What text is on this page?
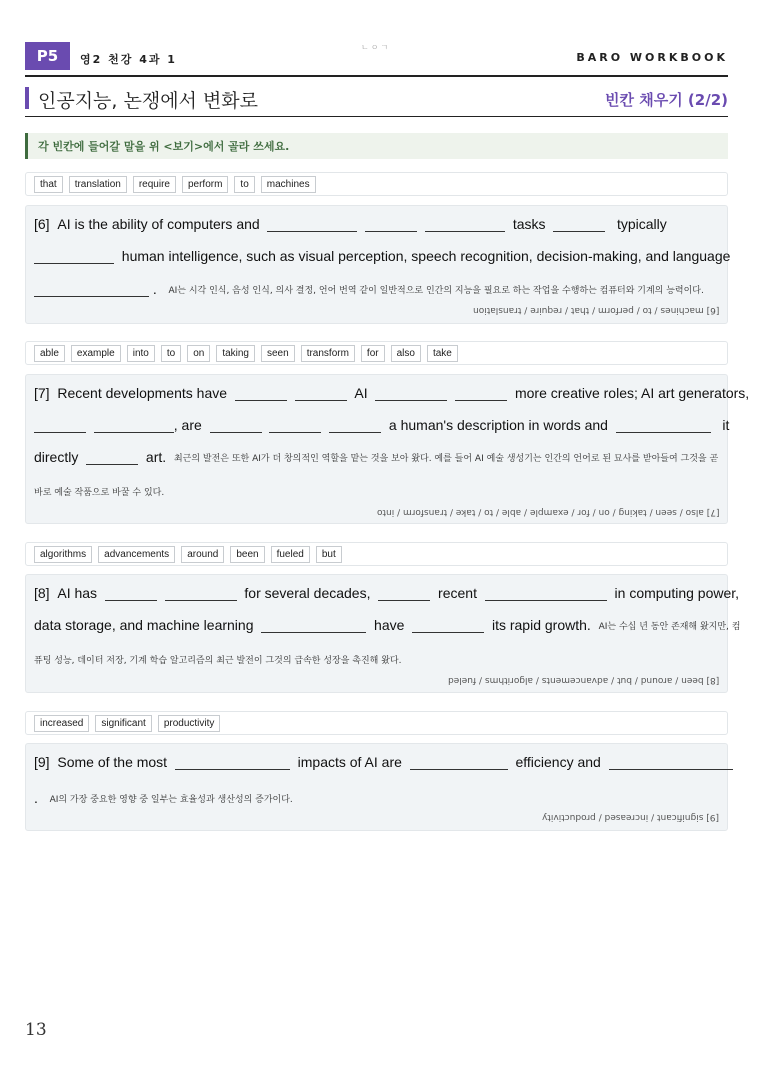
P5	영2 천강 4과 1
ㄴㅇㄱ
BARO WORKBOOK
인공지능, 논쟁에서 변화로	빈칸 채우기 (2/2)
각 빈칸에 들어갈 말을 위 <보기>에서 골라 쓰세요.
that	translation	require	perform	to	machines
[6]
AI is the ability of computers and

	tasks

	typically

human intelligence, such as visual perception, speech recognition, decision-making, and language

.
AI는 시각 인식, 음성 인식, 의사 결정, 언어 번역 같이 일반적으로 인간의 지능을 필요로 하는 작업을 수행하는 컴퓨터와 기계의 능력이다.
[6] machines / to / perform / that / require / translation
able	example	into	to	on	taking	seen	transform	for	also	take
[7]
Recent developments have

	AI

	more creative roles; AI art generators,

, are

	a human's description in words and

	it
directly

	art.
최근의 발전은 또한 AI가 더 창의적인 역할을 맡는 것을 보아 왔다. 예를 들어 AI 예술 생성기는 인간의 언어로 된 묘사를 받아들여 그것을 곧
바로 예술 작품으로 바꿀 수 있다.
[7] also / seen / taking / on / for / example / able / to / take / transform / into
algorithms	advancements	around	been	fueled	but
[8]
AI has

	for several decades,

	recent

	in computing power,
data storage, and machine learning

	have

	its rapid growth.
AI는 수십 년 동안 존재해 왔지만, 컴
퓨팅 성능, 데이터 저장, 기계 학습 알고리즘의 최근 발전이 그것의 급속한 성장을 촉진해 왔다.
[8] been / around / but / advancements / algorithms / fueled
increased	significant	productivity
[9]
Some of the most

	impacts of AI are

	efficiency and

.
AI의 가장 중요한 영향 중 일부는 효율성과 생산성의 증가이다.
[9] significant / increased / productivity
13
